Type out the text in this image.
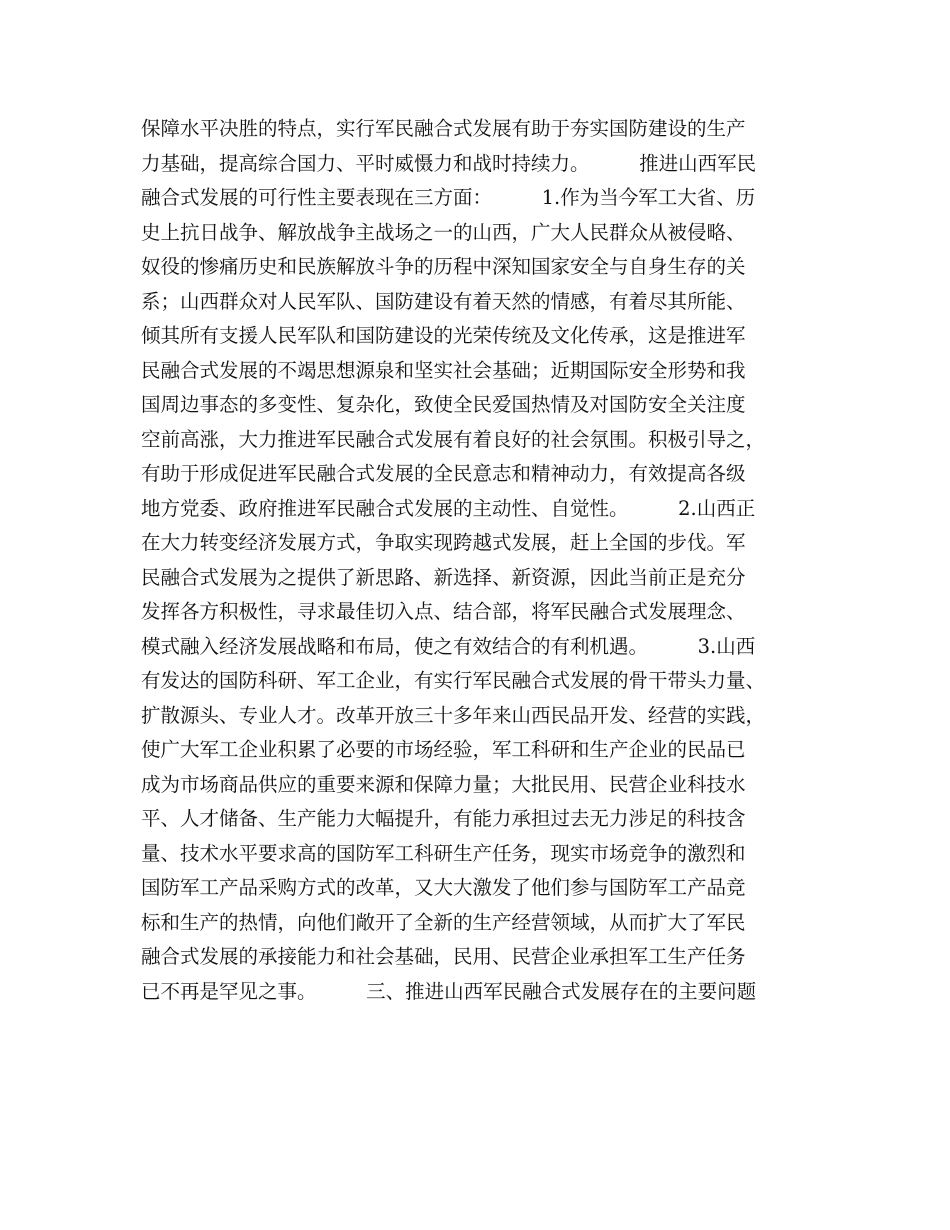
保障水平决胜的特点，实行军民融合式发展有助于夯实国防建设的生产
力基础，提高综合国力、平时威慑力和战时持续力。        推进山西军民
融合式发展的可行性主要表现在三方面：        1.作为当今军工大省、历
史上抗日战争、解放战争主战场之一的山西，广大人民群众从被侵略、
奴役的惨痛历史和民族解放斗争的历程中深知国家安全与自身生存的关
系；山西群众对人民军队、国防建设有着天然的情感，有着尽其所能、
倾其所有支援人民军队和国防建设的光荣传统及文化传承，这是推进军
民融合式发展的不竭思想源泉和坚实社会基础；近期国际安全形势和我
国周边事态的多变性、复杂化，致使全民爱国热情及对国防安全关注度
空前高涨，大力推进军民融合式发展有着良好的社会氛围。积极引导之，
有助于形成促进军民融合式发展的全民意志和精神动力，有效提高各级
地方党委、政府推进军民融合式发展的主动性、自觉性。        2.山西正
在大力转变经济发展方式，争取实现跨越式发展，赶上全国的步伐。军
民融合式发展为之提供了新思路、新选择、新资源，因此当前正是充分
发挥各方积极性，寻求最佳切入点、结合部，将军民融合式发展理念、
模式融入经济发展战略和布局，使之有效结合的有利机遇。        3.山西
有发达的国防科研、军工企业，有实行军民融合式发展的骨干带头力量、
扩散源头、专业人才。改革开放三十多年来山西民品开发、经营的实践，
使广大军工企业积累了必要的市场经验，军工科研和生产企业的民品已
成为市场商品供应的重要来源和保障力量；大批民用、民营企业科技水
平、人才储备、生产能力大幅提升，有能力承担过去无力涉足的科技含
量、技术水平要求高的国防军工科研生产任务，现实市场竞争的激烈和
国防军工产品采购方式的改革，又大大激发了他们参与国防军工产品竞
标和生产的热情，向他们敞开了全新的生产经营领域，从而扩大了军民
融合式发展的承接能力和社会基础，民用、民营企业承担军工生产任务
已不再是罕见之事。        三、推进山西军民融合式发展存在的主要问题
